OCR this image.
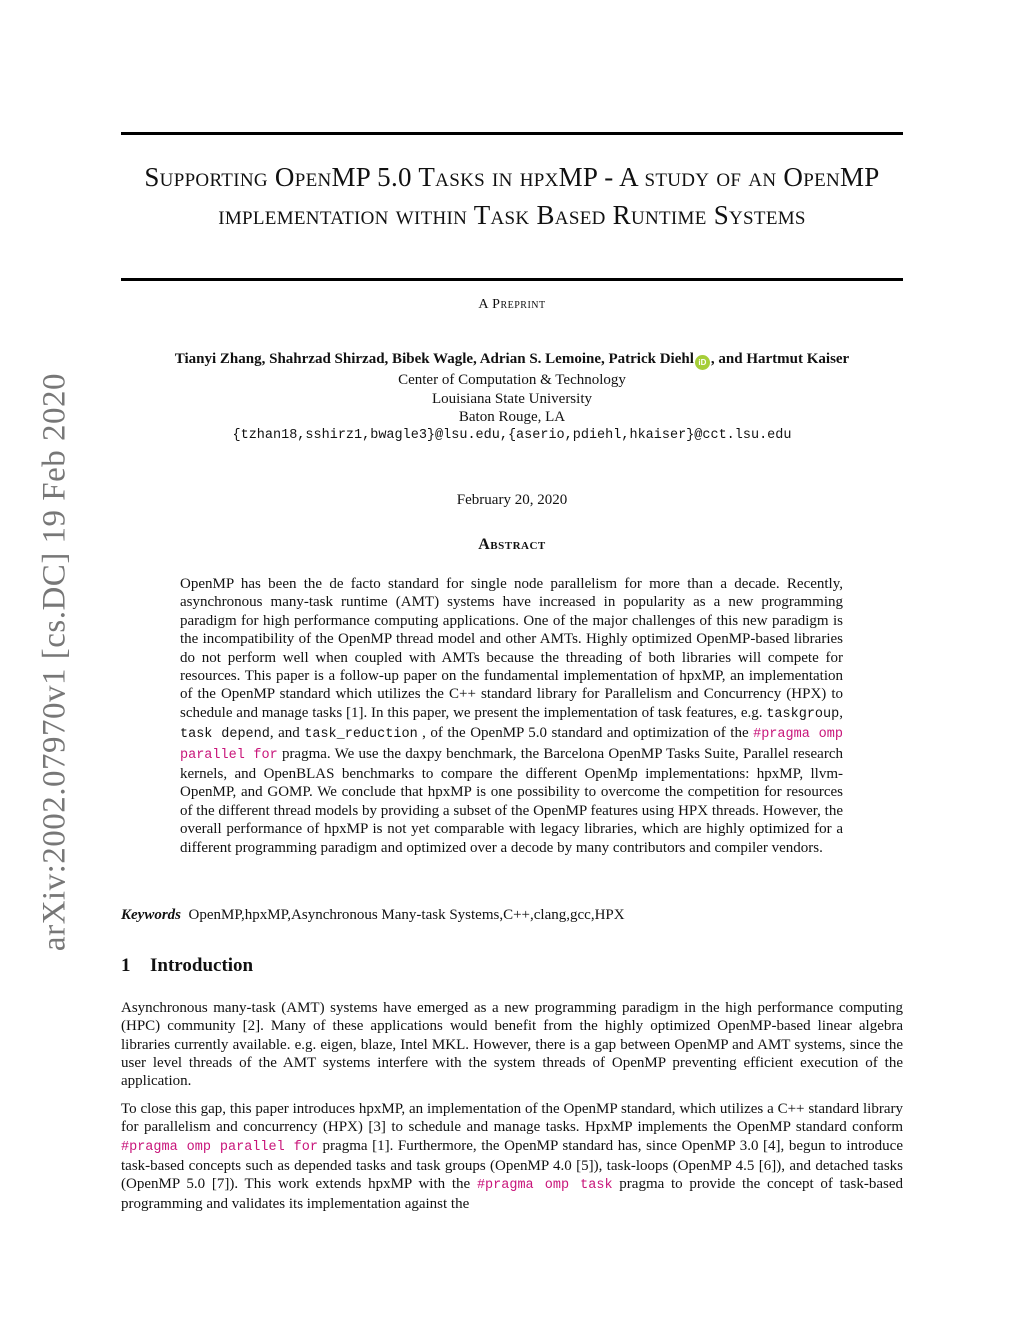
arXiv:2002.07970v1 [cs.DC] 19 Feb 2020
Supporting OpenMP 5.0 Tasks in hpxMP - A study of an OpenMP implementation within Task Based Runtime Systems
A Preprint
Tianyi Zhang, Shahrzad Shirzad, Bibek Wagle, Adrian S. Lemoine, Patrick Diehl iD , and Hartmut Kaiser
Center of Computation & Technology
Louisiana State University
Baton Rouge, LA
{tzhan18,sshirz1,bwagle3}@lsu.edu,{aserio,pdiehl,hkaiser}@cct.lsu.edu
February 20, 2020
Abstract
OpenMP has been the de facto standard for single node parallelism for more than a decade. Recently, asynchronous many-task runtime (AMT) systems have increased in popularity as a new programming paradigm for high performance computing applications. One of the major challenges of this new paradigm is the incompatibility of the OpenMP thread model and other AMTs. Highly optimized OpenMP-based libraries do not perform well when coupled with AMTs because the threading of both libraries will compete for resources. This paper is a follow-up paper on the fundamental implementation of hpxMP, an implementation of the OpenMP standard which utilizes the C++ standard library for Parallelism and Concurrency (HPX) to schedule and manage tasks [1]. In this paper, we present the implementation of task features, e.g. taskgroup, task depend, and task_reduction , of the OpenMP 5.0 standard and optimization of the #pragma omp parallel for pragma. We use the daxpy benchmark, the Barcelona OpenMP Tasks Suite, Parallel research kernels, and OpenBLAS benchmarks to compare the different OpenMp implementations: hpxMP, llvm-OpenMP, and GOMP. We conclude that hpxMP is one possibility to overcome the competition for resources of the different thread models by providing a subset of the OpenMP features using HPX threads. However, the overall performance of hpxMP is not yet comparable with legacy libraries, which are highly optimized for a different programming paradigm and optimized over a decode by many contributors and compiler vendors.
Keywords OpenMP,hpxMP,Asynchronous Many-task Systems,C++,clang,gcc,HPX
1 Introduction

Asynchronous many-task (AMT) systems have emerged as a new programming paradigm in the high performance computing (HPC) community [2]. Many of these applications would benefit from the highly optimized OpenMP-based linear algebra libraries currently available. e.g. eigen, blaze, Intel MKL. However, there is a gap between OpenMP and AMT systems, since the user level threads of the AMT systems interfere with the system threads of OpenMP preventing efficient execution of the application.

To close this gap, this paper introduces hpxMP, an implementation of the OpenMP standard, which utilizes a C++ standard library for parallelism and concurrency (HPX) [3] to schedule and manage tasks. HpxMP implements the OpenMP standard conform #pragma omp parallel for pragma [1]. Furthermore, the OpenMP standard has, since OpenMP 3.0 [4], begun to introduce task-based concepts such as depended tasks and task groups (OpenMP 4.0 [5]), task-loops (OpenMP 4.5 [6]), and detached tasks (OpenMP 5.0 [7]). This work extends hpxMP with the #pragma omp task pragma to provide the concept of task-based programming and validates its implementation against the
